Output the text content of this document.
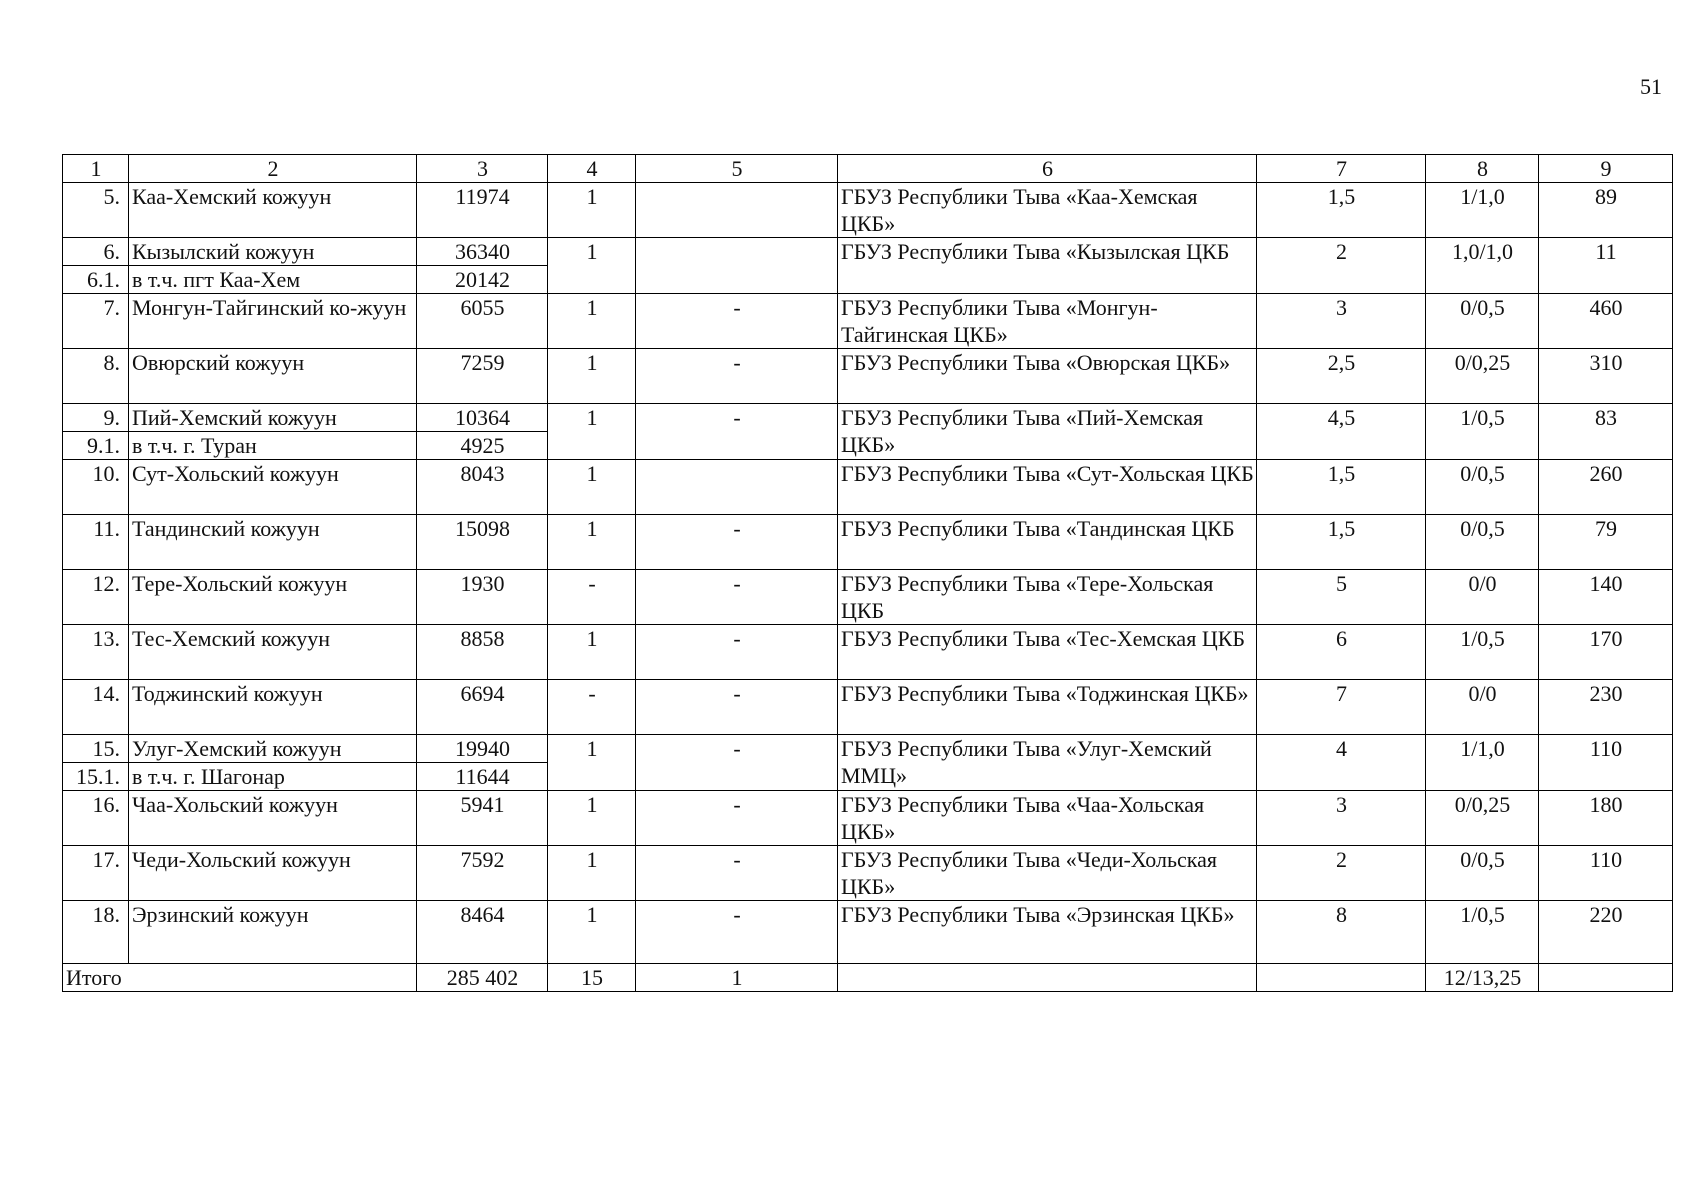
51
1	2	3	4	5	6	7	8	9
5.	Каа-Хемский кожуун	11974	1		ГБУЗ Республики Тыва «Каа-Хемская ЦКБ»	1,5	1/1,0	89
6.	Кызылский кожуун	36340	1		ГБУЗ Республики Тыва «Кызылская ЦКБ	2	1,0/1,0	11
6.1.	в т.ч. пгт Каа-Хем	20142						
7.	Монгун-Тайгинский ко-жуун	6055	1	-	ГБУЗ Республики Тыва «Монгун-Тайгинская ЦКБ»	3	0/0,5	460
8.	Овюрский кожуун	7259	1	-	ГБУЗ Республики Тыва «Овюрская ЦКБ»	2,5	0/0,25	310
9.	Пий-Хемский кожуун	10364	1	-	ГБУЗ Республики Тыва «Пий-Хемская ЦКБ»	4,5	1/0,5	83
9.1.	в т.ч. г. Туран	4925						
10.	Сут-Хольский кожуун	8043	1		ГБУЗ Республики Тыва «Сут-Хольская ЦКБ	1,5	0/0,5	260
11.	Тандинский кожуун	15098	1	-	ГБУЗ Республики Тыва «Тандинская ЦКБ	1,5	0/0,5	79
12.	Тере-Хольский кожуун	1930	-	-	ГБУЗ Республики Тыва «Тере-Хольская ЦКБ	5	0/0	140
13.	Тес-Хемский кожуун	8858	1	-	ГБУЗ Республики Тыва «Тес-Хемская ЦКБ	6	1/0,5	170
14.	Тоджинский кожуун	6694	-	-	ГБУЗ Республики Тыва «Тоджинская ЦКБ»	7	0/0	230
15.	Улуг-Хемский кожуун	19940	1	-	ГБУЗ Республики Тыва «Улуг-Хемский ММЦ»	4	1/1,0	110
15.1.	в т.ч. г. Шагонар	11644						
16.	Чаа-Хольский кожуун	5941	1	-	ГБУЗ Республики Тыва «Чаа-Хольская ЦКБ»	3	0/0,25	180
17.	Чеди-Хольский кожуун	7592	1	-	ГБУЗ Республики Тыва «Чеди-Хольская ЦКБ»	2	0/0,5	110
18.	Эрзинский кожуун	8464	1	-	ГБУЗ Республики Тыва «Эрзинская ЦКБ»	8	1/0,5	220
Итого		285 402	15	1			12/13,25	
